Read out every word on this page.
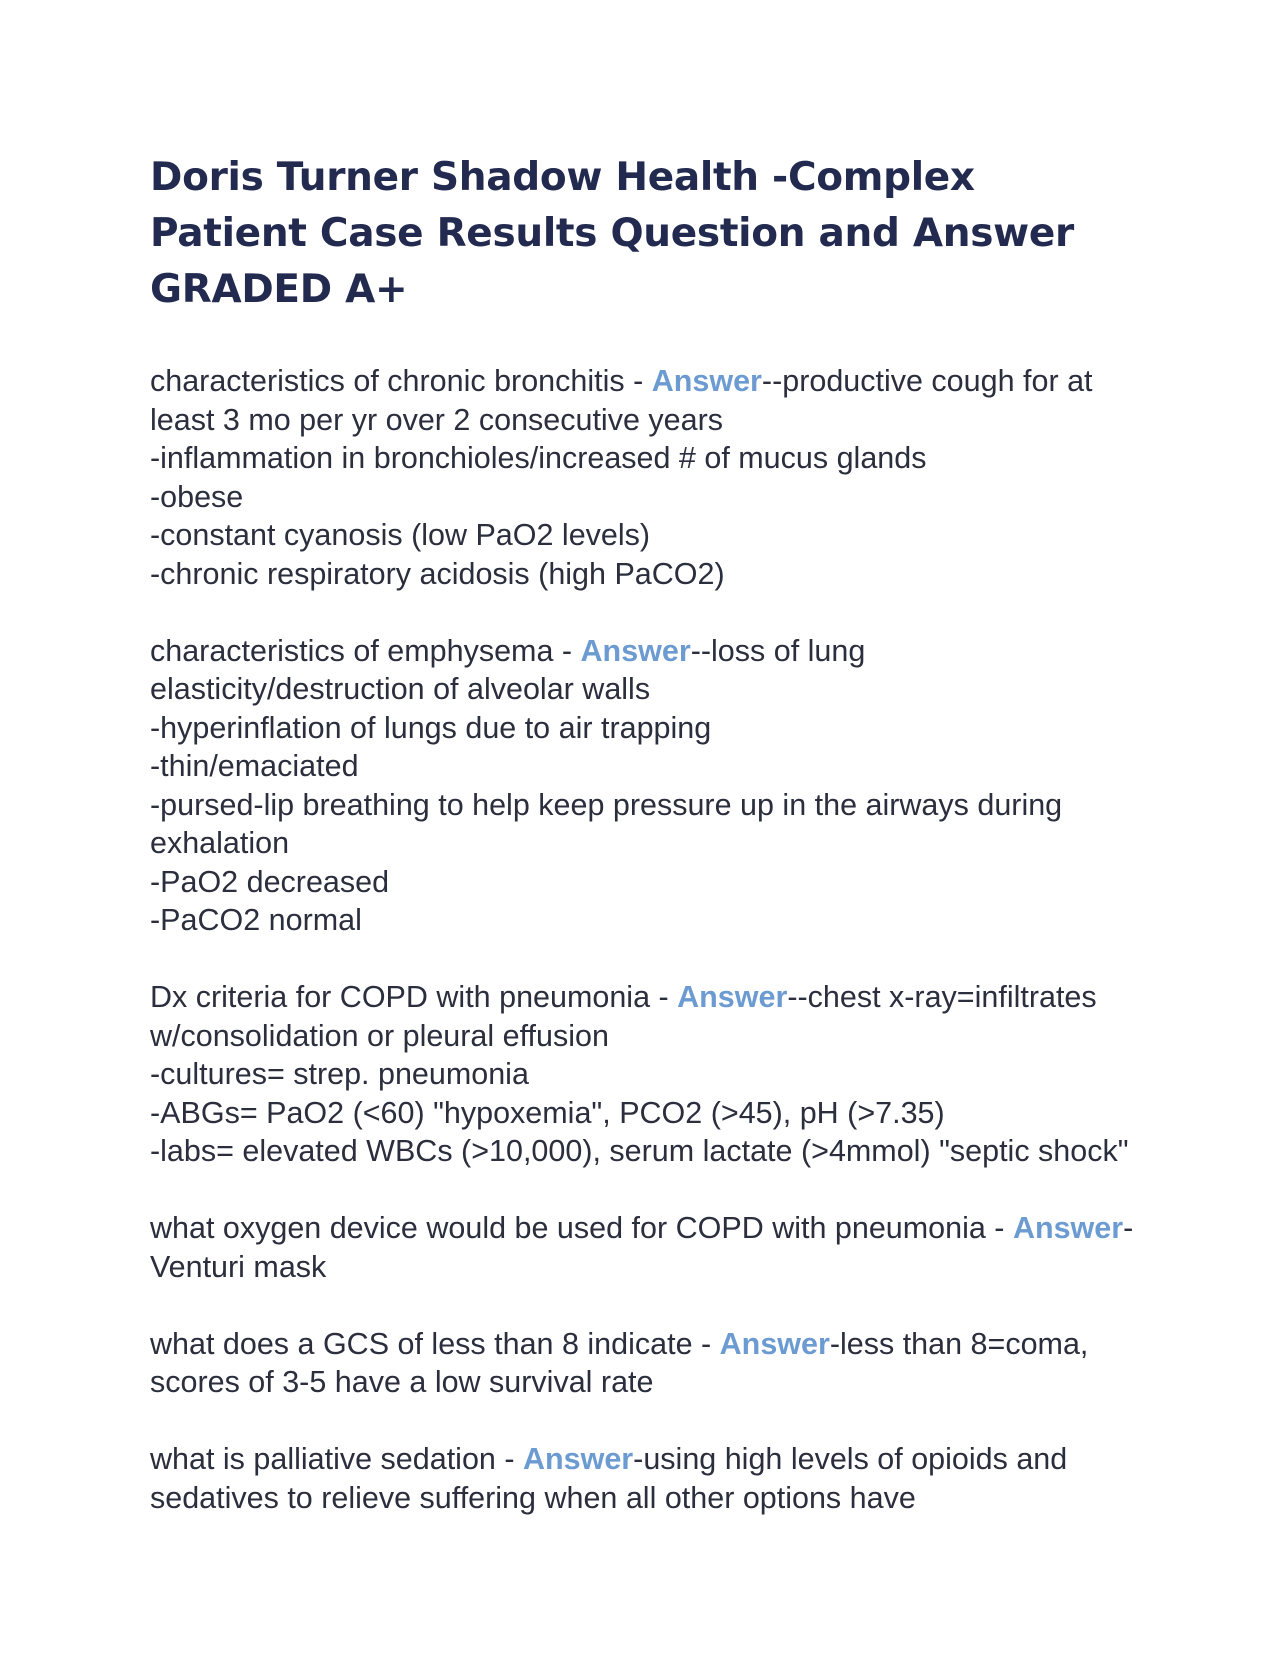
Doris Turner Shadow Health -Complex Patient Case Results Question and Answer GRADED A+
characteristics of chronic bronchitis - Answer--productive cough for at least 3 mo per yr over 2 consecutive years
-inflammation in bronchioles/increased # of mucus glands
-obese
-constant cyanosis (low PaO2 levels)
-chronic respiratory acidosis (high PaCO2)
characteristics of emphysema - Answer--loss of lung elasticity/destruction of alveolar walls
-hyperinflation of lungs due to air trapping
-thin/emaciated
-pursed-lip breathing to help keep pressure up in the airways during exhalation
-PaO2 decreased
-PaCO2 normal
Dx criteria for COPD with pneumonia - Answer--chest x-ray=infiltrates w/consolidation or pleural effusion
-cultures= strep. pneumonia
-ABGs= PaO2 (<60) "hypoxemia", PCO2 (>45), pH (>7.35)
-labs= elevated WBCs (>10,000), serum lactate (>4mmol) "septic shock"
what oxygen device would be used for COPD with pneumonia - Answer-Venturi mask
what does a GCS of less than 8 indicate - Answer-less than 8=coma, scores of 3-5 have a low survival rate
what is palliative sedation - Answer-using high levels of opioids and sedatives to relieve suffering when all other options have
